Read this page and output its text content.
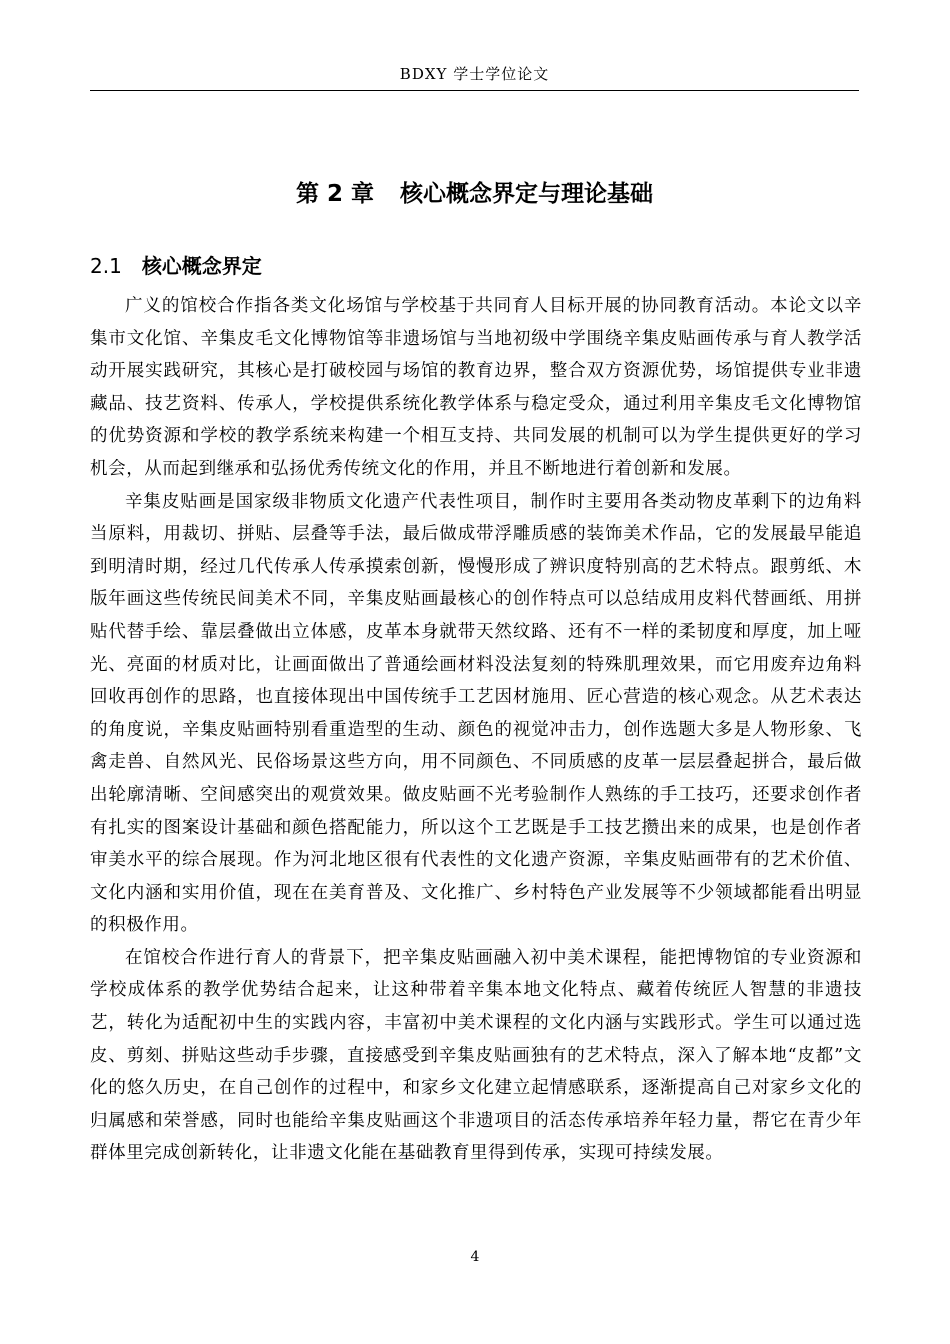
BDXY 学士学位论文
第 2 章 核心概念界定与理论基础
2.1 核心概念界定

广义的馆校合作指各类文化场馆与学校基于共同育人目标开展的协同教育活动。本论文以辛集市文化馆、辛集皮毛文化博物馆等非遗场馆与当地初级中学围绕辛集皮贴画传承与育人教学活动开展实践研究，其核心是打破校园与场馆的教育边界，整合双方资源优势，场馆提供专业非遗藏品、技艺资料、传承人，学校提供系统化教学体系与稳定受众，通过利用辛集皮毛文化博物馆的优势资源和学校的教学系统来构建一个相互支持、共同发展的机制可以为学生提供更好的学习机会，从而起到继承和弘扬优秀传统文化的作用，并且不断地进行着创新和发展。

辛集皮贴画是国家级非物质文化遗产代表性项目，制作时主要用各类动物皮革剩下的边角料当原料，用裁切、拼贴、层叠等手法，最后做成带浮雕质感的装饰美术作品，它的发展最早能追到明清时期，经过几代传承人传承摸索创新，慢慢形成了辨识度特别高的艺术特点。跟剪纸、木版年画这些传统民间美术不同，辛集皮贴画最核心的创作特点可以总结成用皮料代替画纸、用拼贴代替手绘、靠层叠做出立体感，皮革本身就带天然纹路、还有不一样的柔韧度和厚度，加上哑光、亮面的材质对比，让画面做出了普通绘画材料没法复刻的特殊肌理效果，而它用废弃边角料回收再创作的思路，也直接体现出中国传统手工艺因材施用、匠心营造的核心观念。从艺术表达的角度说，辛集皮贴画特别看重造型的生动、颜色的视觉冲击力，创作选题大多是人物形象、飞禽走兽、自然风光、民俗场景这些方向，用不同颜色、不同质感的皮革一层层叠起拼合，最后做出轮廓清晰、空间感突出的观赏效果。做皮贴画不光考验制作人熟练的手工技巧，还要求创作者有扎实的图案设计基础和颜色搭配能力，所以这个工艺既是手工技艺攒出来的成果，也是创作者审美水平的综合展现。作为河北地区很有代表性的文化遗产资源，辛集皮贴画带有的艺术价值、文化内涵和实用价值，现在在美育普及、文化推广、乡村特色产业发展等不少领域都能看出明显的积极作用。

在馆校合作进行育人的背景下，把辛集皮贴画融入初中美术课程，能把博物馆的专业资源和学校成体系的教学优势结合起来，让这种带着辛集本地文化特点、藏着传统匠人智慧的非遗技艺，转化为适配初中生的实践内容，丰富初中美术课程的文化内涵与实践形式。学生可以通过选皮、剪刻、拼贴这些动手步骤，直接感受到辛集皮贴画独有的艺术特点，深入了解本地“皮都”文化的悠久历史，在自己创作的过程中，和家乡文化建立起情感联系，逐渐提高自己对家乡文化的归属感和荣誉感，同时也能给辛集皮贴画这个非遗项目的活态传承培养年轻力量，帮它在青少年群体里完成创新转化，让非遗文化能在基础教育里得到传承，实现可持续发展。

4
